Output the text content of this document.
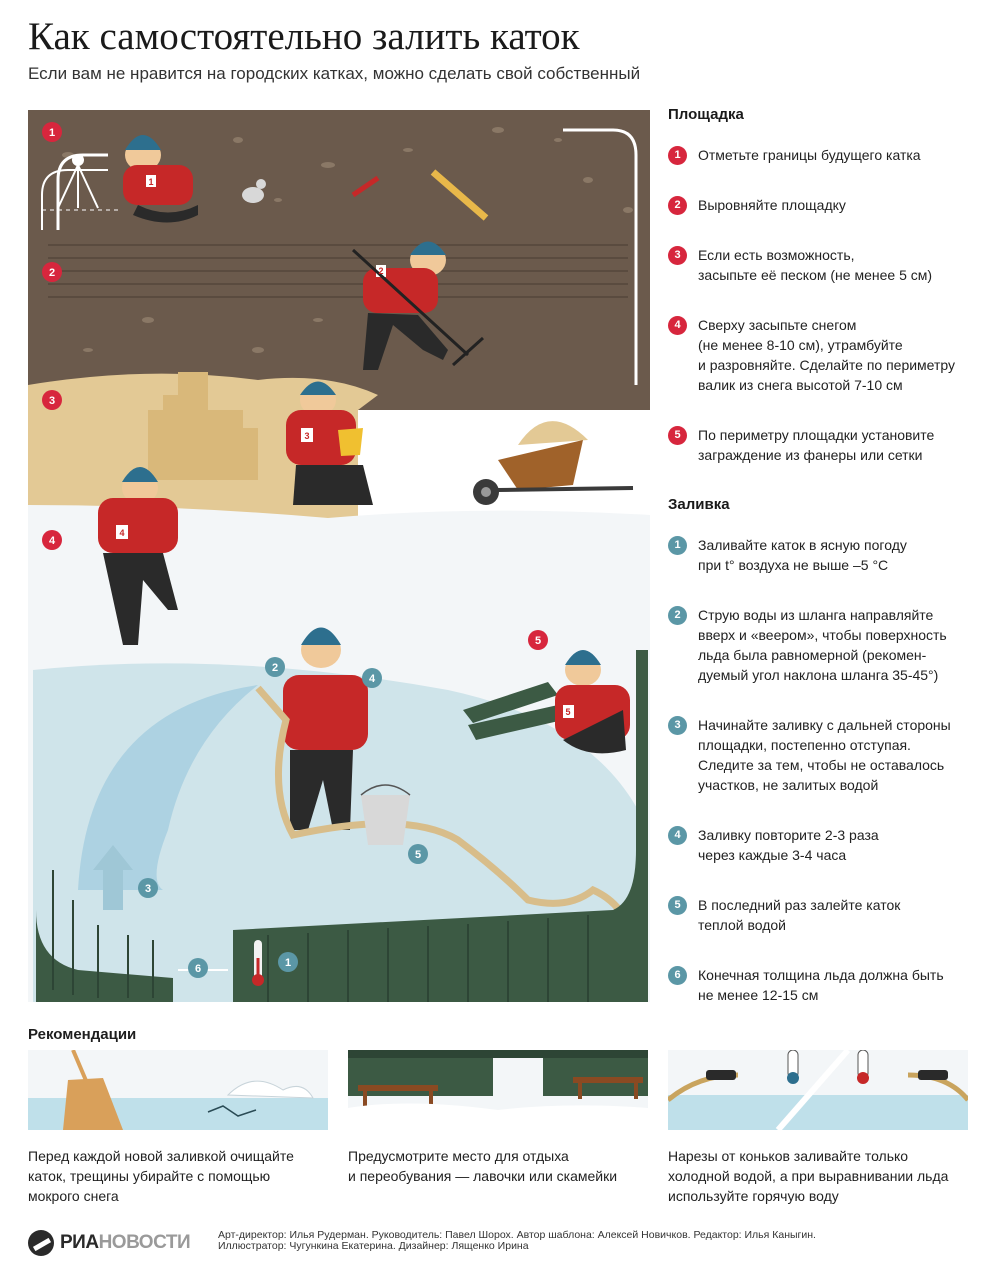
Как самостоятельно залить каток
Если вам не нравится на городских катках, можно сделать свой собственный
1
2
3
4
5
1
2
3
4
5
6
1
2
3
4
5
Площадка
1	Отметьте границы будущего катка
2	Выровняйте площадку
3	Если есть возможность,
засыпьте её песком (не менее 5 см)
4	Сверху засыпьте снегом
(не менее 8-10 см), утрамбуйте
и разровняйте. Сделайте по периметру
валик из снега высотой 7-10 см
5	По периметру площадки установите
заграждение из фанеры или сетки
Заливка
1	Заливайте каток в ясную погоду
при t° воздуха не выше –5 °C
2	Струю воды из шланга направляйте
вверх и «веером», чтобы поверхность
льда была равномерной (рекомен-
дуемый угол наклона шланга 35-45°)
3	Начинайте заливку с дальней стороны
площадки, постепенно отступая.
Следите за тем, чтобы не оставалось
участков, не залитых водой
4	Заливку повторите 2-3 раза
через каждые 3-4 часа
5	В последний раз залейте каток
теплой водой
6	Конечная толщина льда должна быть
не менее 12-15 см
Рекомендации
Перед каждой новой заливкой очищайте
каток, трещины убирайте с помощью
мокрого снега
Предусмотрите место для отдыха
и переобувания — лавочки или скамейки
Нарезы от коньков заливайте только
холодной водой, а при выравнивании льда
используйте горячую воду
РИА НОВОСТИ	Арт-директор: Илья Рудерман. Руководитель: Павел Шорох. Автор шаблона: Алексей Новичков. Редактор: Илья Каныгин.
Иллюстратор: Чугункина Екатерина. Дизайнер: Лященко Ирина
